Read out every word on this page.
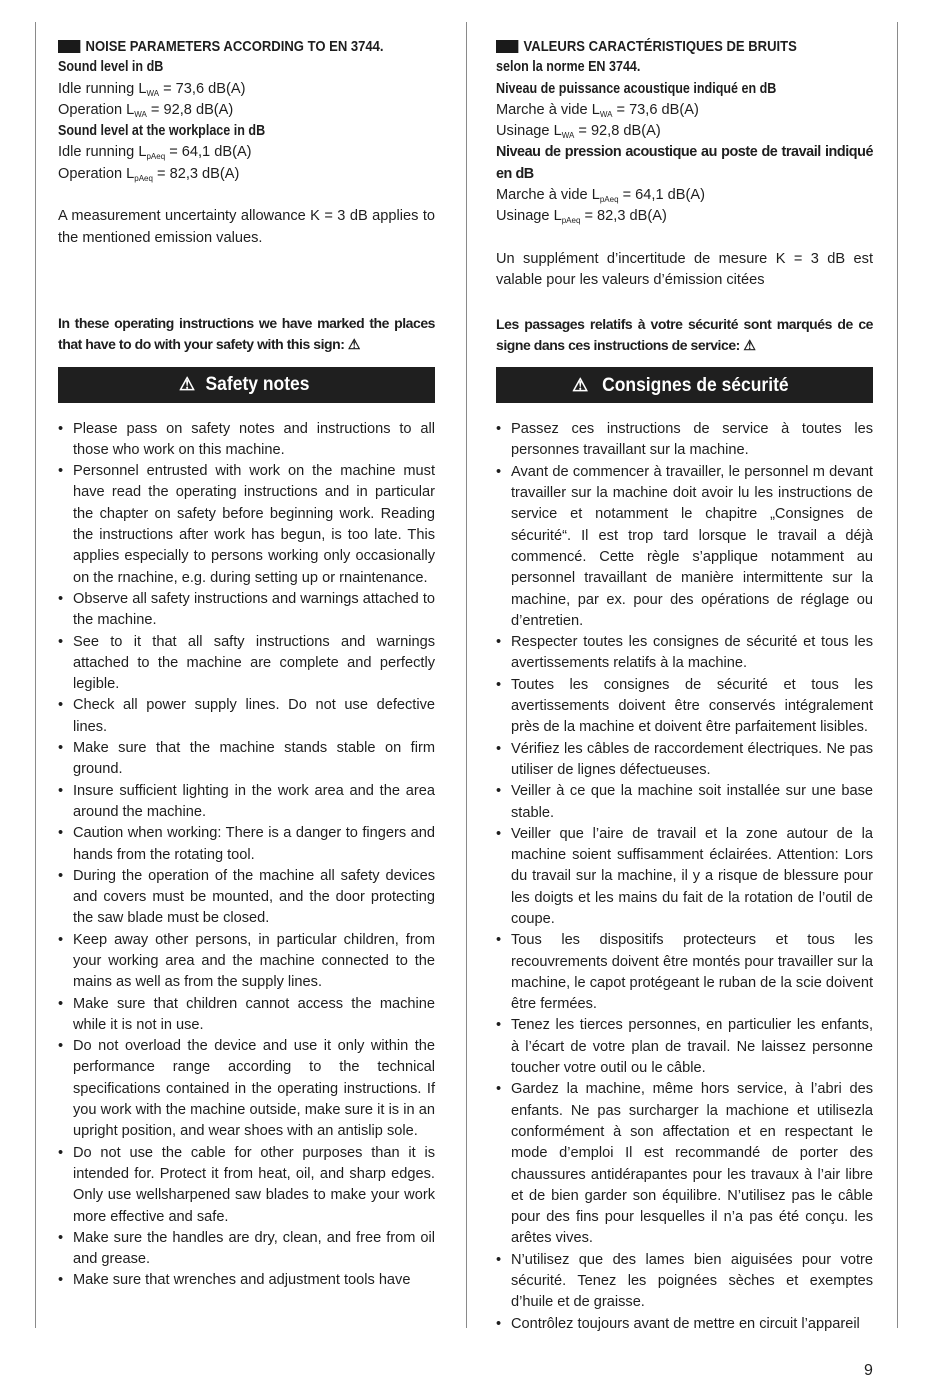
NOISE PARAMETERS ACCORDING TO EN 3744.

Sound level in dB

Idle running $L_{WA} = 73,6$ dB(A)

Operation $L_{WA} = 92,8$ dB(A)

Sound level at the workplace in dB

Idle running $L_{pAeq} = 64,1$ dB(A)

Operation $L_{pAeq} = 82,3$ dB(A)

A measurement uncertainty allowance K = 3 dB applies to the mentioned emission values.

In these operating instructions we have marked the places that have to do with your safety with this sign: ⚠

⚠ Safety notes
• Please pass on safety notes and instructions to all those who work on this machine.
• Personnel entrusted with work on the machine must have read the operating instructions and in particular the chapter on safety before beginning work. Reading the instructions after work has begun, is too late. This applies especially to persons working only occasionally on the rnachine, e.g. during setting up or rnaintenance.
• Observe all safety instructions and warnings attached to the machine.
• See to it that all safty instructions and warnings attached to the machine are complete and perfectly legible.
• Check all power supply lines. Do not use defective lines.
• Make sure that the machine stands stable on firm ground.
• Insure sufficient lighting in the work area and the area around the machine.
• Caution when working: There is a danger to fingers and hands from the rotating tool.
• During the operation of the machine all safety devices and covers must be mounted, and the door protecting the saw blade must be closed.
• Keep away other persons, in particular children, from your working area and the machine connected to the mains as well as from the supply lines.
• Make sure that children cannot access the machine while it is not in use.
• Do not overload the device and use it only within the performance range according to the technical specifications contained in the operating instructions. If you work with the machine outside, make sure it is in an upright position, and wear shoes with an antislip sole.
• Do not use the cable for other purposes than it is intended for. Protect it from heat, oil, and sharp edges. Only use wellsharpened saw blades to make your work more effective and safe.
• Make sure the handles are dry, clean, and free from oil and grease.
• Make sure that wrenches and adjustment tools have

VALEURS CARACTÉRISTIQUES DE BRUITS

selon la norme EN 3744.

Niveau de puissance acoustique indiqué en dB

Marche à vide $L_{WA} = 73,6$ dB(A)

Usinage $L_{WA} = 92,8$ dB(A)

Niveau de pression acoustique au poste de travail indiqué en dB

Marche à vide $L_{pAeq} = 64,1$ dB(A)

Usinage $L_{pAeq} = 82,3$ dB(A)

Un supplément d’incertitude de mesure K = 3 dB est valable pour les valeurs d’émission citées

Les passages relatifs à votre sécurité sont marqués de ce signe dans ces instructions de service: ⚠

⚠ Consignes de sécurité
• Passez ces instructions de service à toutes les personnes travaillant sur la machine.
• Avant de commencer à travailler, le personnel m devant travailler sur la machine doit avoir lu les instructions de service et notamment le chapitre „Consignes de sécurité“. Il est trop tard lorsque le travail a déjà commencé. Cette règle s’applique notamment au personnel travaillant de manière intermittente sur la machine, par ex. pour des opérations de réglage ou d’entretien.
• Respecter toutes les consignes de sécurité et tous les avertissements relatifs à la machine.
• Toutes les consignes de sécurité et tous les avertissements doivent être conservés intégralement près de la machine et doivent être parfaitement lisibles.
• Vérifiez les câbles de raccordement électriques. Ne pas utiliser de lignes défectueuses.
• Veiller à ce que la machine soit installée sur une base stable.
• Veiller que l’aire de travail et la zone autour de la machine soient suffisamment éclairées. Attention: Lors du travail sur la machine, il y a risque de blessure pour les doigts et les mains du fait de la rotation de l’outil de coupe.
• Tous les dispositifs protecteurs et tous les recouvrements doivent être montés pour travailler sur la machine, le capot protégeant le ruban de la scie doivent être fermées.
• Tenez les tierces personnes, en particulier les enfants, à l’écart de votre plan de travail. Ne laissez personne toucher votre outil ou le câble.
• Gardez la machine, même hors service, à l’abri des enfants. Ne pas surcharger la machione et utilisezla conformément à son affectation et en respectant le mode d’emploi Il est recommandé de porter des chaussures antidérapantes pour les travaux à l’air libre et de bien garder son équilibre. N’utilisez pas le câble pour des fins pour lesquelles il n’a pas été conçu. les arêtes vives.
• N’utilisez que des lames bien aiguisées pour votre sécurité. Tenez les poignées sèches et exemptes d’huile et de graisse.
• Contrôlez toujours avant de mettre en circuit l’appareil
9
